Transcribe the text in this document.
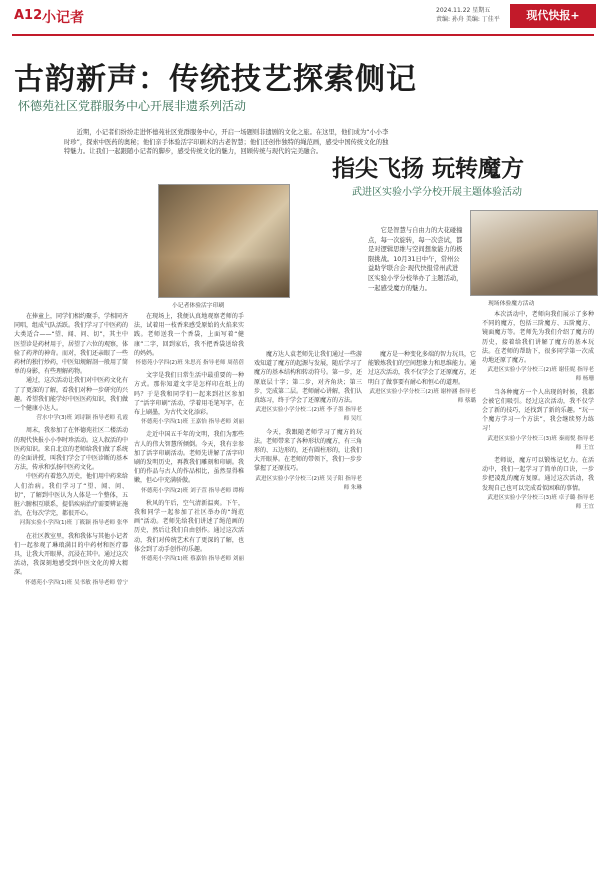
A12 小记者	2024.11.22 星期五
责编: 孙舟 美编: 丁佳平	现代快报+
古韵新声：传统技艺探索侧记
怀德苑社区党群服务中心开展非遗系列活动
近期，小记者们纷纷走进怀德苑社区党群服务中心，开启一场题则非遗剧的文化之旅。在这里，他们成为“小小李时珍”，探索中医药的奥秘；他们亲手体验活字印刷术的古老智慧；他们还创作独特的绳范画，感受中国传统文化的独特魅力。让我们一起跟随小记者的脚步，感受传统文化的魅力，回顾传统与现代的完美融合。
小记者体验活字印刷

在捧童上，同学们相约聚手，学相同齐同唱，组成气队活跃。我们学习了中医药的大类适合——“望、闻、问、切”，其主中医望诊是药材用于，居望了六位的观察，体验了药斧的神奇。而对，我们还亲眼了一些药材的独行炒药，中医知规解剖一般用了简单的身影，有些理解药物。

通过，这次活动让我们对中医药文化有了了更深的了解，看我们对种一步研究的兴趣。希望我们能学好中医医药知识，我们做一个健康小达人。

营水中学(3)班 刘诗颖 指导老师 孔霞

周末，我参加了在怀德苑社区二楼活动的现代快报小小李时珍活动。这人叙活的中医药知识。来自北京的老师给我们做了系统的全面讲授，叫我们学会了中医诊断的基本方法，传承和弘扬中医药文化。

中医药有着悠久历史，他们用中药来给人们治病。我们学习了“望、闻、问、切”，了解到中医认为人体是一个整体，五脏六腑相互联系，提倡疾病治疗需要辨证施治，在每次学完，都很开心。

河海实验小学四(1)班 丁筱颖 指导老师 张华

在社区教室里，我和我体与其他小记者们一起参观了琳琅满目的中药材和医疗器具，让我大开眼界，沉浸在其中。通过这次活动，我深刻地感受到中医文化的博大精深。

怀德苑小学四(1)班 吴书敏 指导老师 曾宁

在现场上，我便认真地观察老师的手法，试着用一枝香来感受原始的火焰来实践。老师送我一个香袋，上面写着“健康”二字，回到家后，我不把香袋送给我的妈妈。

怀德苑小学四(2)班 朱思亮 指导老师 周蓓蓓

文字是我们日常生活中最重要的一种方式。那你知道文字是怎样印在纸上的吗？于是我和同学们一起来到社区参加了“活字印刷”活动，学着用毛笔写字，在布上刷墨，为古代文化添彩。

怀德苑小学四(1)班 王嘉怡 指导老师 刘丽

走近中国五千年的文明，我们为那些古人的伟大智慧所倾倒。今天，我有幸参加了活字印刷活动。老师先讲解了活字印刷的发明历史，再教我们雕刻和印刷。我们的作品与古人的作品相比，虽然显得稚嫩，但心中充满骄傲。

怀德苑小学四(2)班 刘子萱 指导老师 谭梅

秋风的午后，空气清新温爽。下午，我和同学一起参加了社区举办的“绳范画”活动。老师先给我们讲述了绳范画的历史，然后让我们自由创作。通过这次活动，我们对传统艺术有了更深的了解，也体会到了动手创作的乐趣。

怀德苑小学四(1)班 蔡嘉怡 指导老师 刘丽
指尖飞扬 玩转魔方
武进区实验小学分校开展主题体验活动
它是智慧与自由力的大花碰撞点，每一次旋转，每一次尝试，都是对逻辑思维与空间想象能力的极限挑战。10月31日中午，常州公益助学联合会·现代快报常州武进区实验小学分校举办了主题活动，一起感受魔方的魅力。
现场体验魔方活动

魔方达人袁老师先让我们通过一些游戏知道了魔方的起源与发展，随后学习了魔方的基本结构和转动符号。第一步，还原底层十字；第二步，对齐角块；第三步，完成第二层。老师耐心讲解，我们认真练习，终于学会了还原魔方的方法。

武进区实验小学分校二(2)班 李子墨 指导老师 吴红

今天，我跟随老师学习了魔方的玩法。老师带来了各种形状的魔方，有三角形的、五边形的，还有圆柱形的，让我们大开眼界。在老师的带领下，我们一步步掌握了还原技巧。

武进区实验小学分校三(2)班 吴子阳 指导老师 朱琳

魔方是一种变化多端的智力玩具，它能锻炼我们的空间想象力和思维能力。通过这次活动，我不仅学会了还原魔方，还明白了做事要有耐心和恒心的道理。

武进区实验小学分校三(2)班 谢梓涵 指导老师 蔡璐

本次活动中，老师向我们展示了多种不同的魔方，包括三阶魔方、五阶魔方、镜面魔方等。老师先为我们介绍了魔方的历史，接着给我们讲解了魔方的基本玩法。在老师的帮助下，很多同学第一次成功地还原了魔方。

武进区实验小学分校三(2)班 谢佳妮 指导老师 杨珊

当各种魔方一个人出现的时候，我都会被它们吸引。经过这次活动，我不仅学会了新的技巧，还找到了新的乐趣。“玩一个魔方学习一个方法”，我会继续努力练习！

武进区实验小学分校三(3)班 秦雨悦 指导老师 王宜

老师说，魔方可以锻炼记忆力。在活动中，我们一起学习了简单的口诀，一步步把凌乱的魔方复原。通过这次活动，我发现自己也可以完成看似困难的事情。

武进区实验小学分校三(3)班 卓子璐 指导老师 王宜
